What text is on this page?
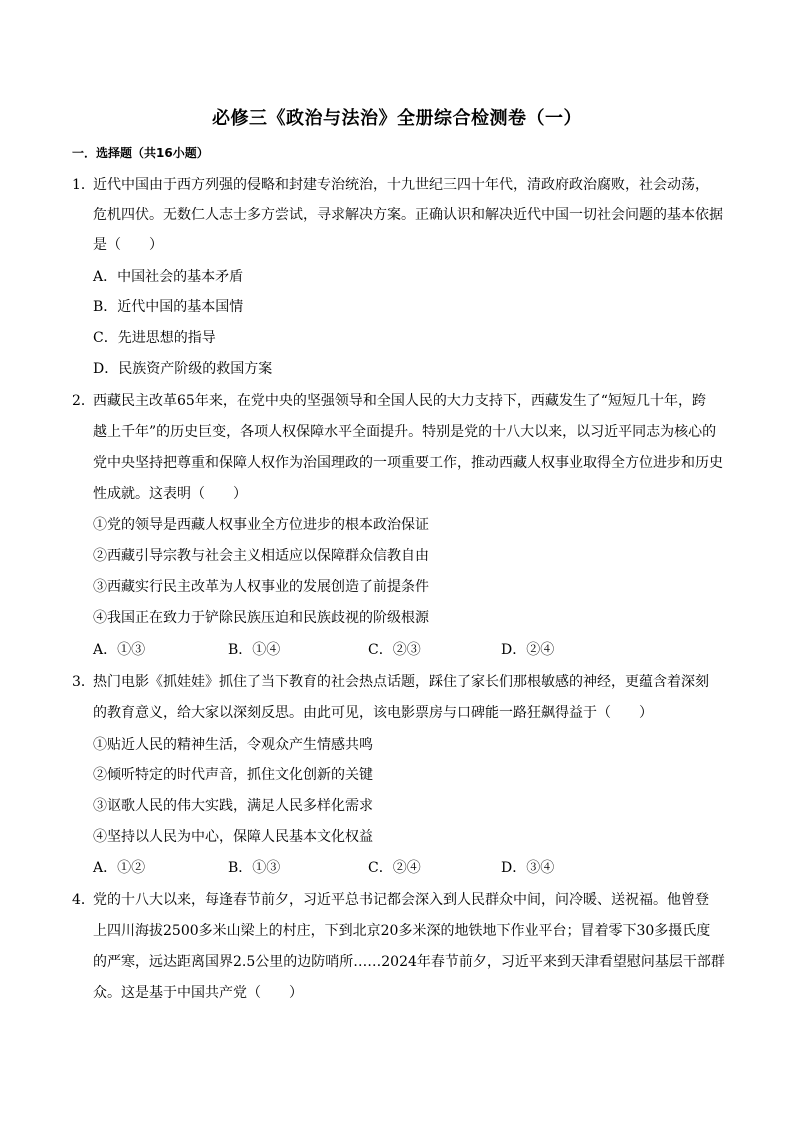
必修三《政治与法治》全册综合检测卷（一）
一．选择题（共16小题）
1．
近代中国由于西方列强的侵略和封建专治统治，十九世纪三四十年代，清政府政治腐败，社会动荡，
危机四伏。无数仁人志士多方尝试，寻求解决方案。正确认识和解决近代中国一切社会问题的基本依据
是（　　）
A．中国社会的基本矛盾
B．近代中国的基本国情
C．先进思想的指导
D．民族资产阶级的救国方案
2．
西藏民主改革65年来，在党中央的坚强领导和全国人民的大力支持下，西藏发生了“短短几十年，跨
越上千年”的历史巨变，各项人权保障水平全面提升。特别是党的十八大以来，以习近平同志为核心的
党中央坚持把尊重和保障人权作为治国理政的一项重要工作，推动西藏人权事业取得全方位进步和历史
性成就。这表明（　　）
①党的领导是西藏人权事业全方位进步的根本政治保证
②西藏引导宗教与社会主义相适应以保障群众信教自由
③西藏实行民主改革为人权事业的发展创造了前提条件
④我国正在致力于铲除民族压迫和民族歧视的阶级根源
A．①③	B．①④	C．②③	D．②④
3．
热门电影《抓娃娃》抓住了当下教育的社会热点话题，踩住了家长们那根敏感的神经，更蕴含着深刻
的教育意义，给大家以深刻反思。由此可见，该电影票房与口碑能一路狂飙得益于（　　）
①贴近人民的精神生活，令观众产生情感共鸣
②倾听特定的时代声音，抓住文化创新的关键
③讴歌人民的伟大实践，满足人民多样化需求
④坚持以人民为中心，保障人民基本文化权益
A．①②	B．①③	C．②④	D．③④
4．
党的十八大以来，每逢春节前夕，习近平总书记都会深入到人民群众中间，问冷暖、送祝福。他曾登
上四川海拔2500多米山梁上的村庄，下到北京20多米深的地铁地下作业平台；冒着零下30多摄氏度
的严寒，远达距离国界2.5公里的边防哨所……2024年春节前夕，习近平来到天津看望慰问基层干部群
众。这是基于中国共产党（　　）
